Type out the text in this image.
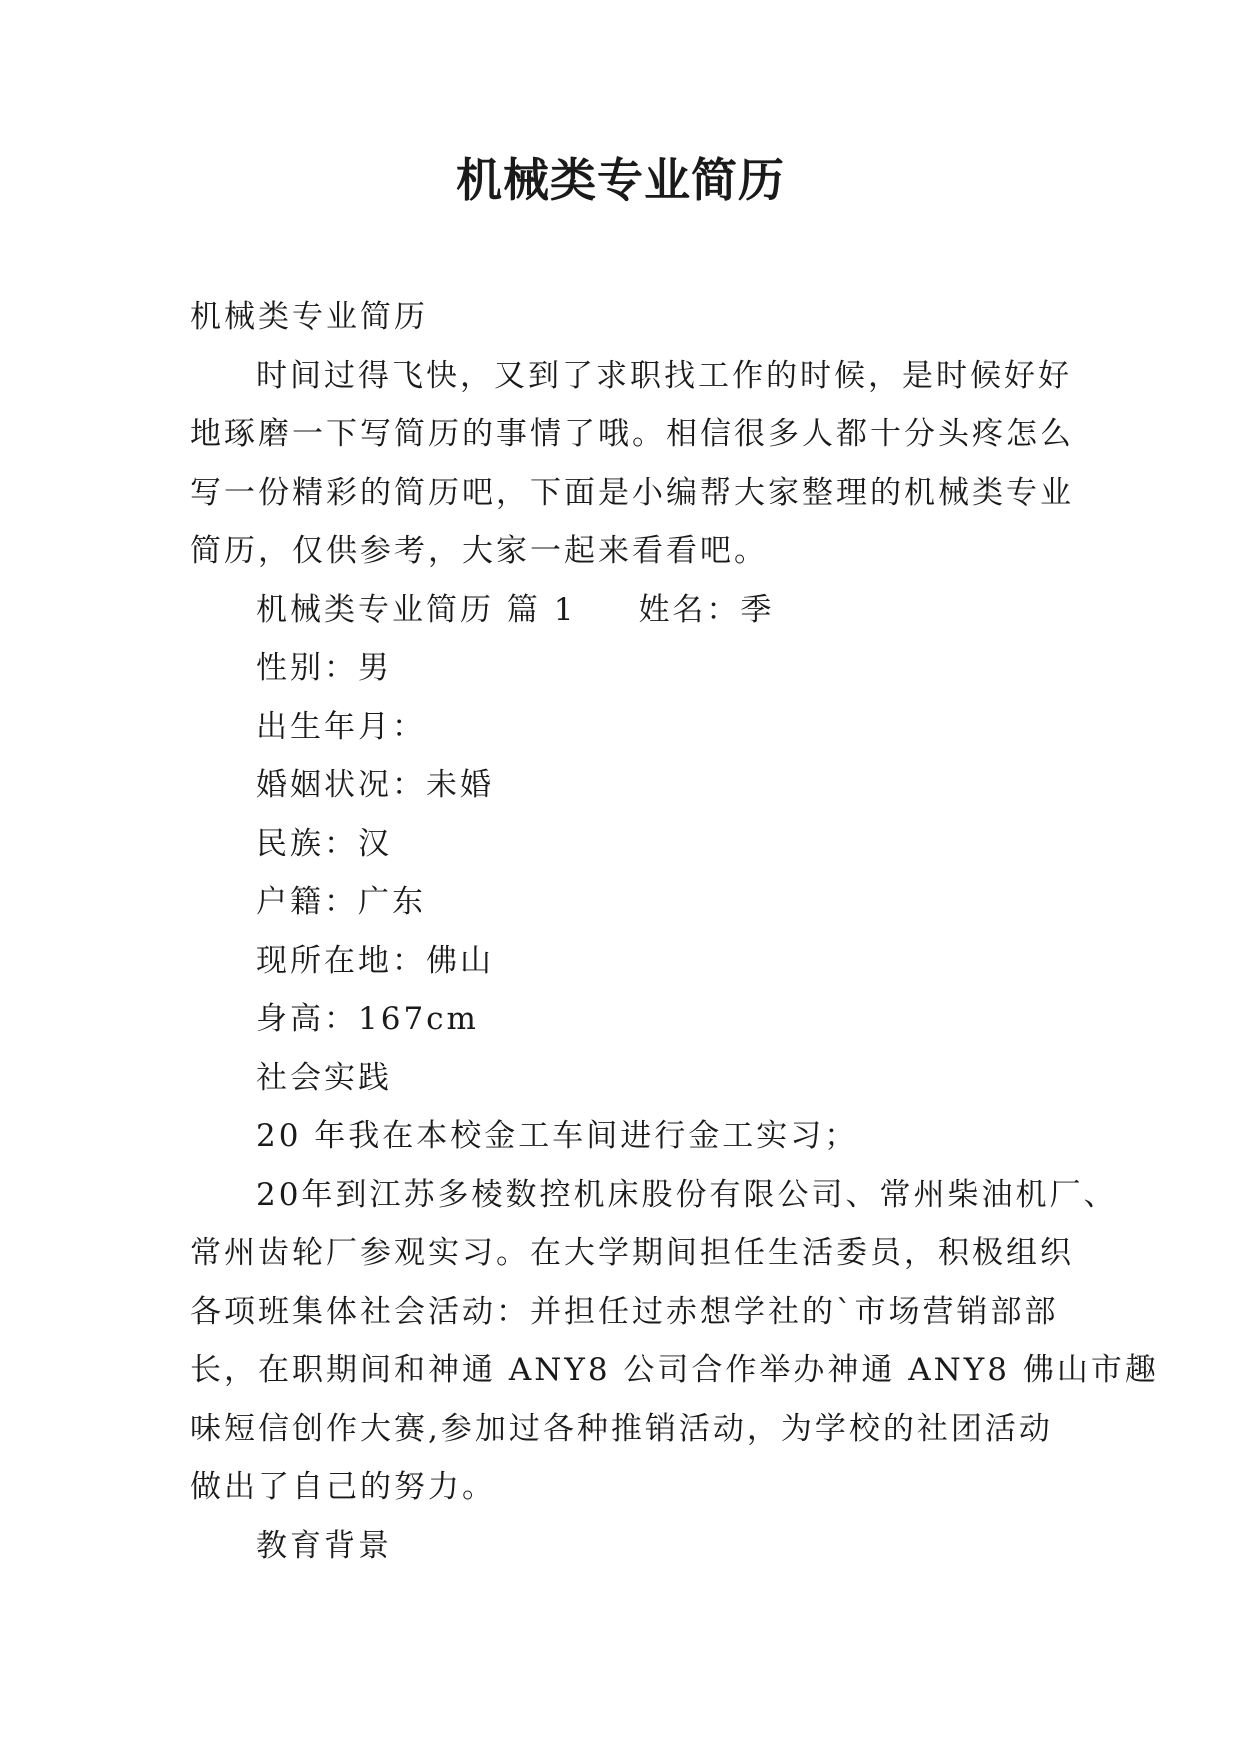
机械类专业简历

机械类专业简历

时间过得飞快，又到了求职找工作的时候，是时候好好

地琢磨一下写简历的事情了哦。相信很多人都十分头疼怎么

写一份精彩的简历吧，下面是小编帮大家整理的机械类专业

简历，仅供参考，大家一起来看看吧。

机械类专业简历 篇 1 姓名：季

性别：男

出生年月：

婚姻状况：未婚

民族：汉

户籍：广东

现所在地：佛山

身高：167cm

社会实践

20 年我在本校金工车间进行金工实习；

20年到江苏多棱数控机床股份有限公司、常州柴油机厂、

常州齿轮厂参观实习。在大学期间担任生活委员，积极组织

各项班集体社会活动：并担任过赤想学社的`市场营销部部

长，在职期间和神通 ANY8 公司合作举办神通 ANY8 佛山市趣

味短信创作大赛,参加过各种推销活动，为学校的社团活动

做出了自己的努力。

教育背景
